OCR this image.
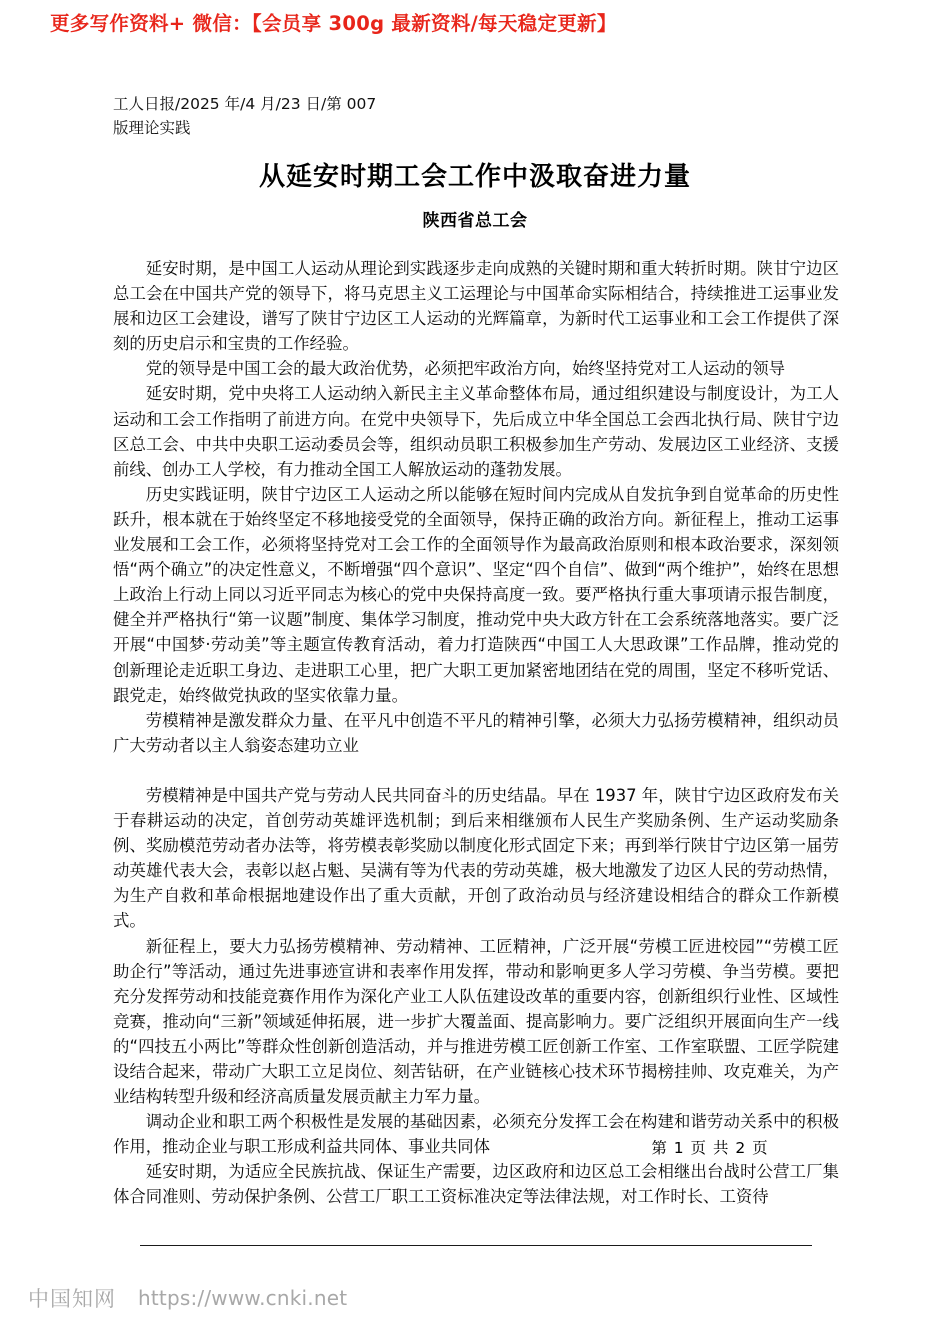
更多写作资料+ 微信：【会员享 300g 最新资料/每天稳定更新】
工人日报/2025 年/4 月/23 日/第 007
版理论实践
从延安时期工会工作中汲取奋进力量
陕西省总工会

延安时期，是中国工人运动从理论到实践逐步走向成熟的关键时期和重大转折时期。陕甘宁边区总工会在中国共产党的领导下，将马克思主义工运理论与中国革命实际相结合，持续推进工运事业发展和边区工会建设，谱写了陕甘宁边区工人运动的光辉篇章，为新时代工运事业和工会工作提供了深刻的历史启示和宝贵的工作经验。

党的领导是中国工会的最大政治优势，必须把牢政治方向，始终坚持党对工人运动的领导

延安时期，党中央将工人运动纳入新民主主义革命整体布局，通过组织建设与制度设计，为工人运动和工会工作指明了前进方向。在党中央领导下，先后成立中华全国总工会西北执行局、陕甘宁边区总工会、中共中央职工运动委员会等，组织动员职工积极参加生产劳动、发展边区工业经济、支援前线、创办工人学校，有力推动全国工人解放运动的蓬勃发展。

历史实践证明，陕甘宁边区工人运动之所以能够在短时间内完成从自发抗争到自觉革命的历史性跃升，根本就在于始终坚定不移地接受党的全面领导，保持正确的政治方向。新征程上，推动工运事业发展和工会工作，必须将坚持党对工会工作的全面领导作为最高政治原则和根本政治要求，深刻领悟“两个确立”的决定性意义，不断增强“四个意识”、坚定“四个自信”、做到“两个维护”，始终在思想上政治上行动上同以习近平同志为核心的党中央保持高度一致。要严格执行重大事项请示报告制度，健全并严格执行“第一议题”制度、集体学习制度，推动党中央大政方针在工会系统落地落实。要广泛开展“中国梦·劳动美”等主题宣传教育活动，着力打造陕西“中国工人大思政课”工作品牌，推动党的创新理论走近职工身边、走进职工心里，把广大职工更加紧密地团结在党的周围，坚定不移听党话、跟党走，始终做党执政的坚实依靠力量。

劳模精神是激发群众力量、在平凡中创造不平凡的精神引擎，必须大力弘扬劳模精神，组织动员广大劳动者以主人翁姿态建功立业

劳模精神是中国共产党与劳动人民共同奋斗的历史结晶。早在 1937 年，陕甘宁边区政府发布关于春耕运动的决定，首创劳动英雄评选机制；到后来相继颁布人民生产奖励条例、生产运动奖励条例、奖励模范劳动者办法等，将劳模表彰奖励以制度化形式固定下来；再到举行陕甘宁边区第一届劳动英雄代表大会，表彰以赵占魁、吴满有等为代表的劳动英雄，极大地激发了边区人民的劳动热情，为生产自救和革命根据地建设作出了重大贡献，开创了政治动员与经济建设相结合的群众工作新模式。

新征程上，要大力弘扬劳模精神、劳动精神、工匠精神，广泛开展“劳模工匠进校园”“劳模工匠助企行”等活动，通过先进事迹宣讲和表率作用发挥，带动和影响更多人学习劳模、争当劳模。要把充分发挥劳动和技能竞赛作用作为深化产业工人队伍建设改革的重要内容，创新组织行业性、区域性竞赛，推动向“三新”领域延伸拓展，进一步扩大覆盖面、提高影响力。要广泛组织开展面向生产一线的“四技五小两比”等群众性创新创造活动，并与推进劳模工匠创新工作室、工作室联盟、工匠学院建设结合起来，带动广大职工立足岗位、刻苦钻研，在产业链核心技术环节揭榜挂帅、攻克难关，为产业结构转型升级和经济高质量发展贡献主力军力量。

调动企业和职工两个积极性是发展的基础因素，必须充分发挥工会在构建和谐劳动关系中的积极作用，推动企业与职工形成利益共同体、事业共同体

延安时期，为适应全民族抗战、保证生产需要，边区政府和边区总工会相继出台战时公营工厂集体合同准则、劳动保护条例、公营工厂职工工资标准决定等法律法规，对工作时长、工资待

第 1 页 共 2 页
中国知网 https://www.cnki.net
